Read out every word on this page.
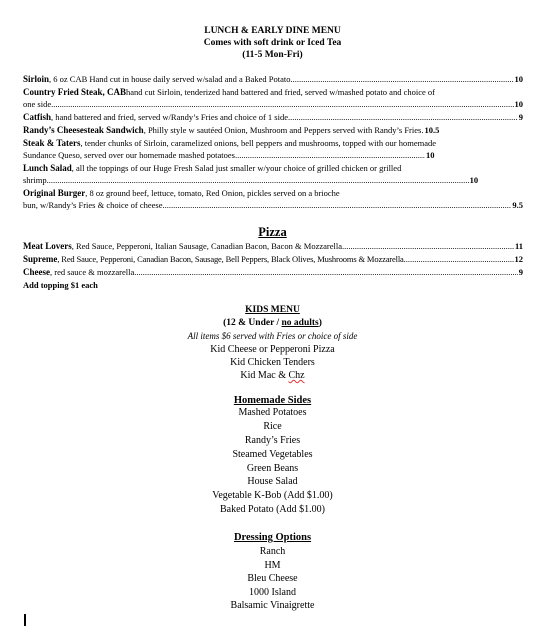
LUNCH & EARLY DINE MENU
Comes with soft drink or Iced Tea
(11-5 Mon-Fri)
Sirloin , 6 oz CAB Hand cut in house daily served w/salad and a Baked Potato .....	10
Country Fried Steak, CAB hand cut Sirloin, tenderized hand battered and fried, served w/mashed potato and choice of
one side .....	10
Catfish , hand battered and fried, served w/Randy’s Fries and choice of 1 side .....	9
Randy’s Cheesesteak Sandwich , Philly style w sautéed Onion, Mushroom and Peppers served with Randy’s Fries. 10.5
Steak & Taters , tender chunks of Sirloin, caramelized onions, bell peppers and mushrooms, topped with our homemade
Sundance Queso, served over our homemade mashed potatoes .....	10
Lunch Salad , all the toppings of our Huge Fresh Salad just smaller w/your choice of grilled chicken or grilled
shrimp .....	10
Original Burger , 8 oz ground beef, lettuce, tomato, Red Onion, pickles served on a brioche
bun, w/Randy’s Fries & choice of cheese .....	9.5
Pizza
Meat Lovers , Red Sauce, Pepperoni, Italian Sausage, Canadian Bacon, Bacon & Mozzarella .....	11
Supreme , Red Sauce, Pepperoni, Canadian Bacon, Sausage, Bell Peppers, Black Olives, Mushrooms & Mozzarella .....	12
Cheese , red sauce & mozzarella .....	9
Add topping $1 each
KIDS MENU
(12 & Under / no adults)
All items $6 served with Fries or choice of side
Kid Cheese or Pepperoni Pizza
Kid Chicken Tenders
Kid Mac & Chz
Homemade Sides
Mashed Potatoes
Rice
Randy’s Fries
Steamed Vegetables
Green Beans
House Salad
Vegetable K-Bob (Add $1.00)
Baked Potato (Add $1.00)
Dressing Options
Ranch
HM
Bleu Cheese
1000 Island
Balsamic Vinaigrette
